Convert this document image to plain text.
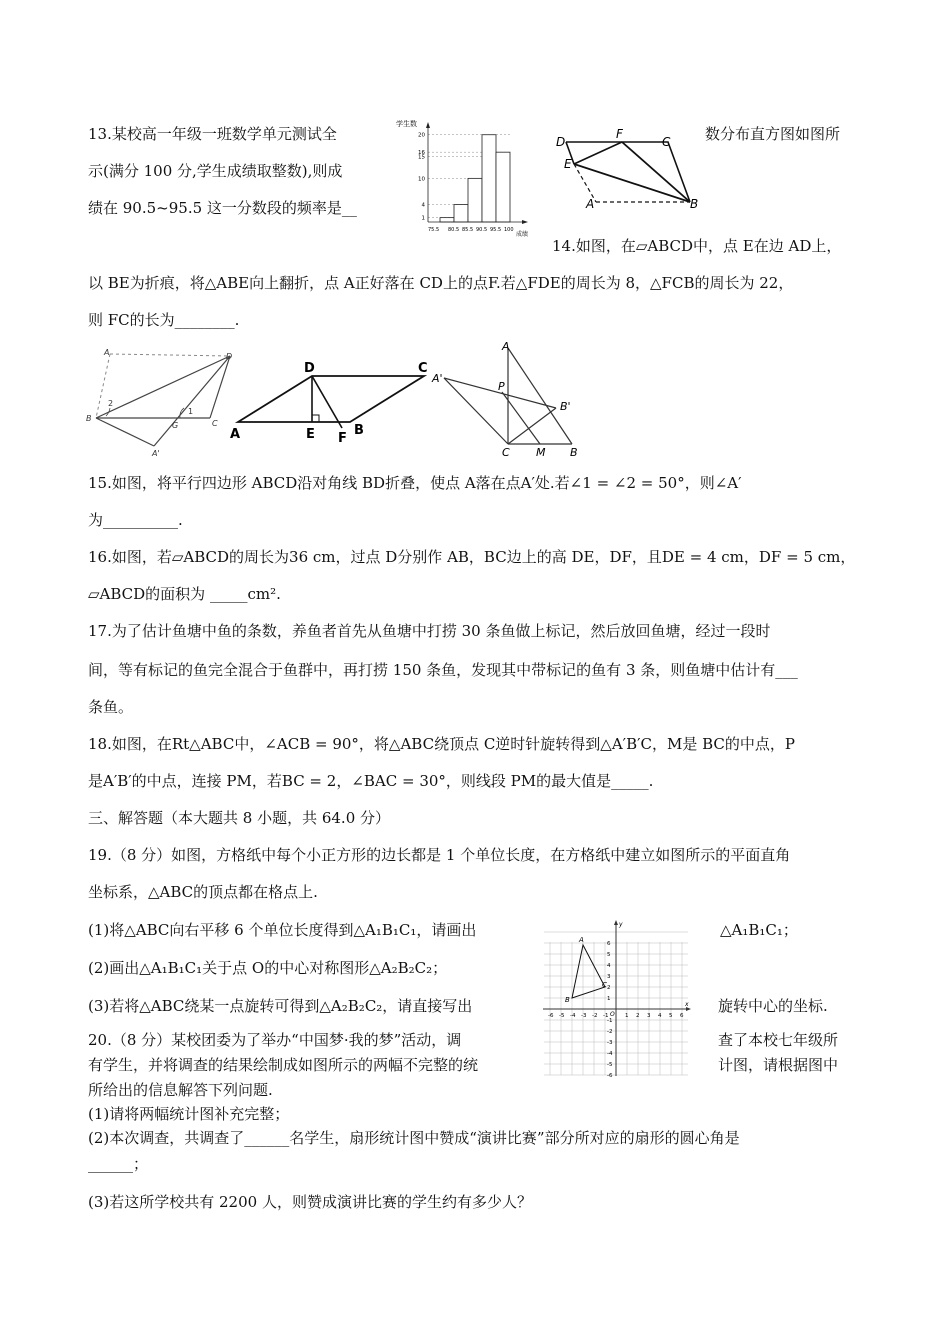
13.某校高一年级一班数学单元测试全	数分布直方图如图所
示(满分 100 分,学生成绩取整数),则成
绩在 90.5~95.5 这一分数段的频率是__
学生数
20
16
15
10
4
1
75.5 80.5 85.5 90.5 95.5 100
成绩
D
F
C
E
A	B
14.如图，在▱ABCD中，点 E在边 AD上，
以 BE为折痕，将△ABE向上翻折，点 A正好落在 CD上的点F.若△FDE的周长为 8，△FCB的周长为 22，
则 FC的长为________.
A	D
B
G	C
A'
1
2
D	C
A	E F
B
A
A'
P
B'
C M B
15.如图，将平行四边形 ABCD沿对角线 BD折叠，使点 A落在点A′处.若∠1 = ∠2 = 50°，则∠A′
为__________.
16.如图，若▱ABCD的周长为36 cm，过点 D分别作 AB，BC边上的高 DE，DF，且DE = 4 cm，DF = 5 cm，
▱ABCD的面积为 _____cm².
17.为了估计鱼塘中鱼的条数，养鱼者首先从鱼塘中打捞 30 条鱼做上标记，然后放回鱼塘，经过一段时
间，等有标记的鱼完全混合于鱼群中，再打捞 150 条鱼，发现其中带标记的鱼有 3 条，则鱼塘中估计有___
条鱼。
18.如图，在Rt△ABC中，∠ACB = 90°，将△ABC绕顶点 C逆时针旋转得到△A′B′C，M是 BC的中点，P
是A′B′的中点，连接 PM，若BC = 2，∠BAC = 30°，则线段 PM的最大值是_____.
三、解答题（本大题共 8 小题，共 64.0 分）
19.（8 分）如图，方格纸中每个小正方形的边长都是 1 个单位长度，在方格纸中建立如图所示的平面直角
坐标系，△ABC的顶点都在格点上.
(1)将△ABC向右平移 6 个单位长度得到△A₁B₁C₁，请画出	△A₁B₁C₁；
(2)画出△A₁B₁C₁关于点 O的中心对称图形△A₂B₂C₂；
(3)若将△ABC绕某一点旋转可得到△A₂B₂C₂，请直接写出	旋转中心的坐标.
x
y
O
-6 -5 -4 -3 -2 -1	1 2 3 4 5 6
6
5
4
3
2
1
-1
-2
-3
-4
-5
-6
A
B
C
20.（8 分）某校团委为了举办“中国梦·我的梦”活动，调	查了本校七年级所
有学生，并将调查的结果绘制成如图所示的两幅不完整的统	计图，请根据图中
所给出的信息解答下列问题.
(1)请将两幅统计图补充完整；
(2)本次调查，共调查了______名学生，扇形统计图中赞成“演讲比赛”部分所对应的扇形的圆心角是
______；
(3)若这所学校共有 2200 人，则赞成演讲比赛的学生约有多少人？
